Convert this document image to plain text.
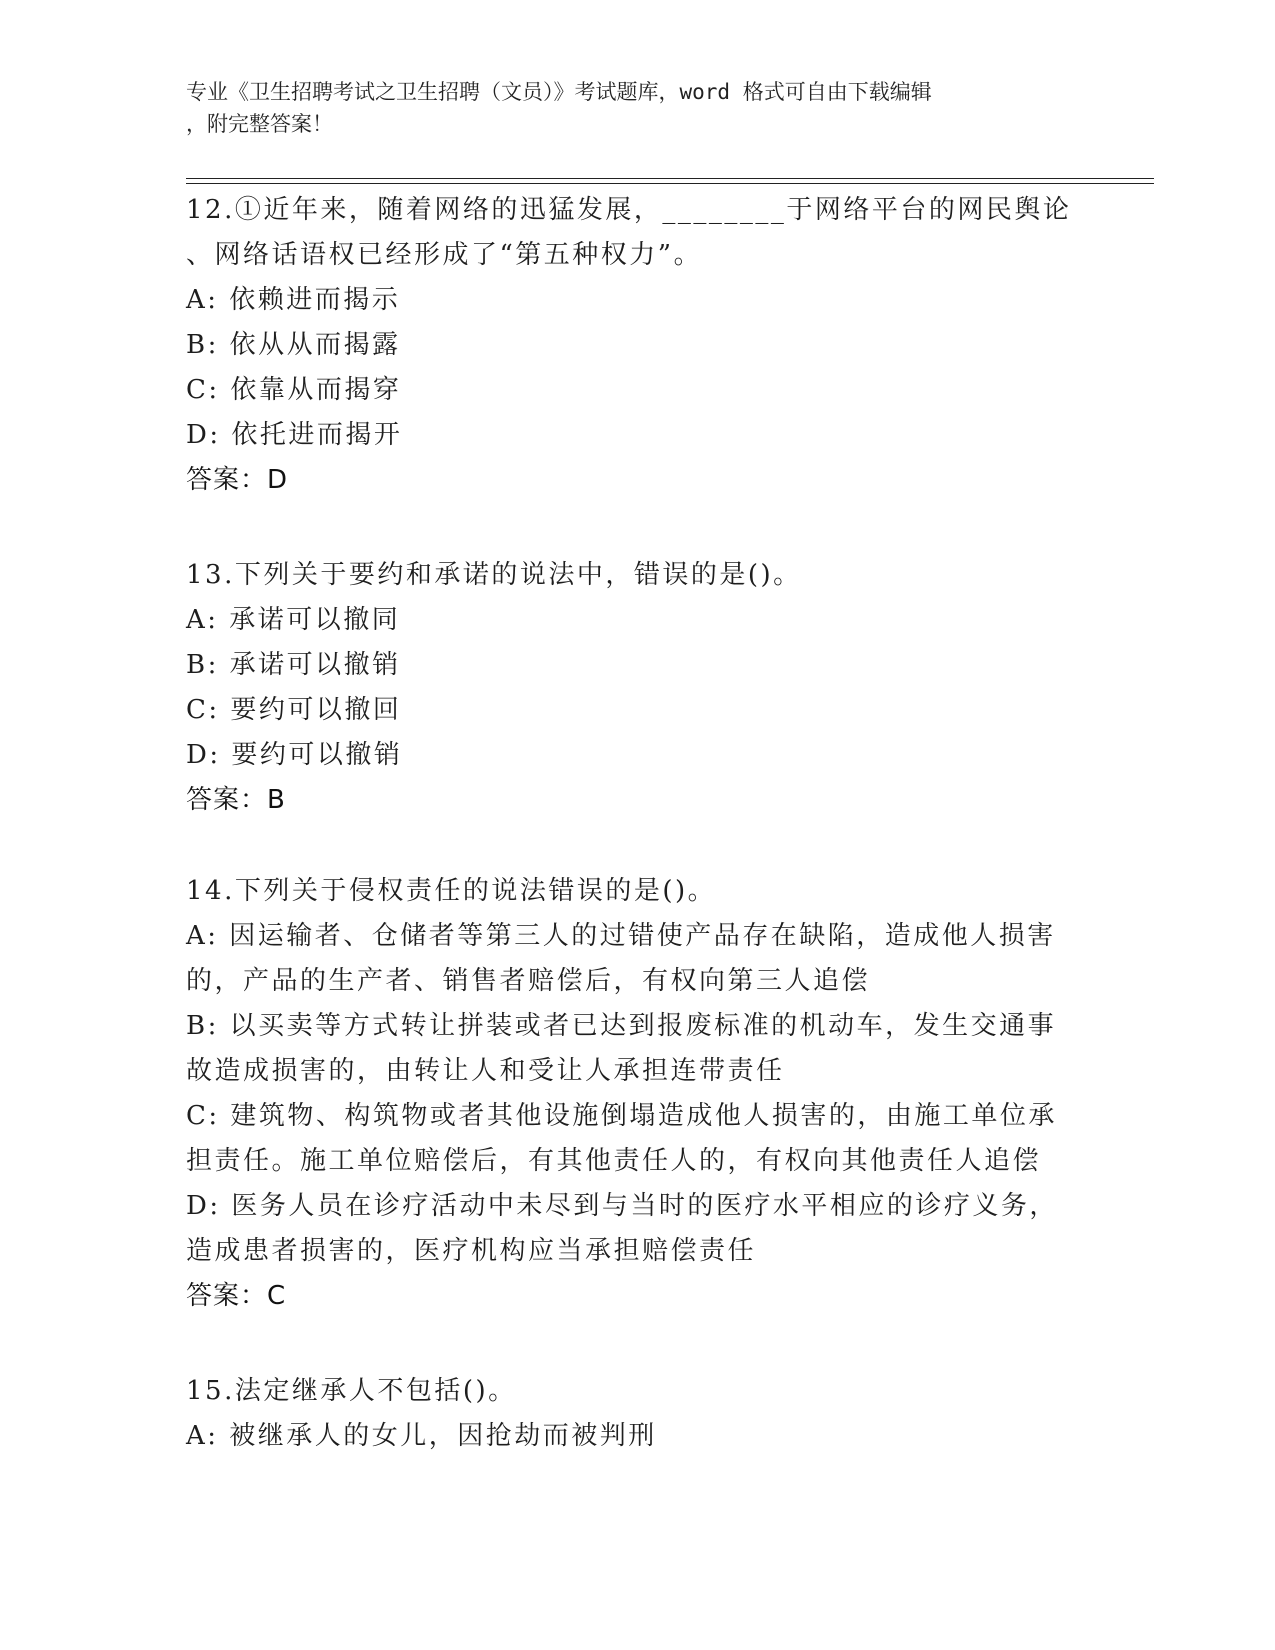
专业《卫生招聘考试之卫生招聘（文员）》考试题库，word 格式可自由下载编辑
，附完整答案！
12.①近年来，随着网络的迅猛发展，________于网络平台的网民舆论
、网络话语权已经形成了“第五种权力”。
A: 依赖进而揭示
B: 依从从而揭露
C: 依靠从而揭穿
D: 依托进而揭开
答案：D
13.下列关于要约和承诺的说法中，错误的是()。
A: 承诺可以撤同
B: 承诺可以撤销
C: 要约可以撤回
D: 要约可以撤销
答案：B
14.下列关于侵权责任的说法错误的是()。
A: 因运输者、仓储者等第三人的过错使产品存在缺陷，造成他人损害
的，产品的生产者、销售者赔偿后，有权向第三人追偿
B: 以买卖等方式转让拼装或者已达到报废标准的机动车，发生交通事
故造成损害的，由转让人和受让人承担连带责任
C: 建筑物、构筑物或者其他设施倒塌造成他人损害的，由施工单位承
担责任。施工单位赔偿后，有其他责任人的，有权向其他责任人追偿
D: 医务人员在诊疗活动中未尽到与当时的医疗水平相应的诊疗义务，
造成患者损害的，医疗机构应当承担赔偿责任
答案：C
15.法定继承人不包括()。
A: 被继承人的女儿，因抢劫而被判刑
